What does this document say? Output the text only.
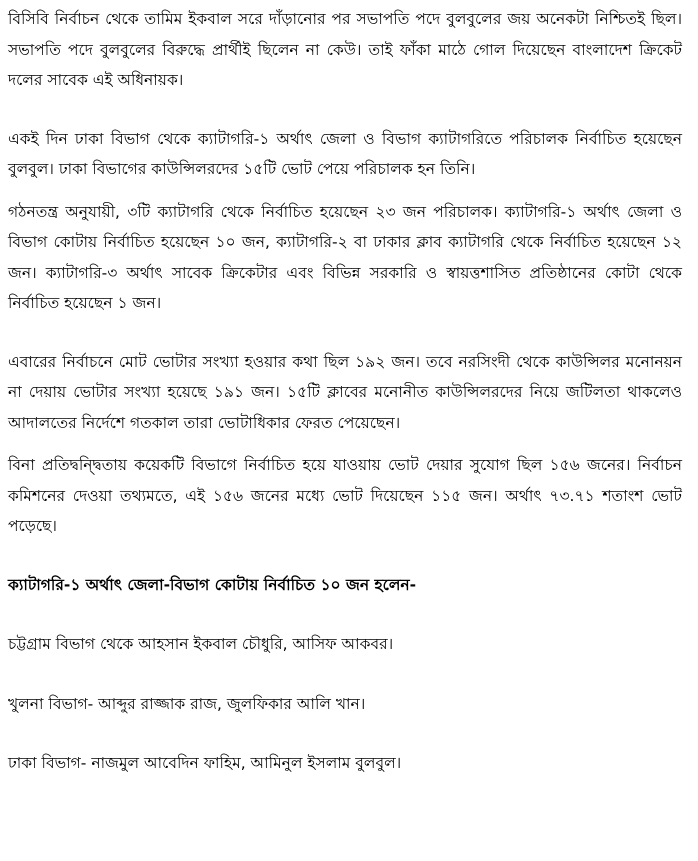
বিসিবি নির্বাচন থেকে তামিম ইকবাল সরে দাঁড়ানোর পর সভাপতি পদে বুলবুলের জয় অনেকটা নিশ্চিতই ছিল। সভাপতি পদে বুলবুলের বিরুদ্ধে প্রার্থীই ছিলেন না কেউ। তাই ফাঁকা মাঠে গোল দিয়েছেন বাংলাদেশ ক্রিকেট দলের সাবেক এই অধিনায়ক।

একই দিন ঢাকা বিভাগ থেকে ক্যাটাগরি-১ অর্থাৎ জেলা ও বিভাগ ক্যাটাগরিতে পরিচালক নির্বাচিত হয়েছেন বুলবুল। ঢাকা বিভাগের কাউন্সিলরদের ১৫টি ভোট পেয়ে পরিচালক হন তিনি।

গঠনতন্ত্র অনুযায়ী, ৩টি ক্যাটাগরি থেকে নির্বাচিত হয়েছেন ২৩ জন পরিচালক। ক্যাটাগরি-১ অর্থাৎ জেলা ও বিভাগ কোটায় নির্বাচিত হয়েছেন ১০ জন, ক্যাটাগরি-২ বা ঢাকার ক্লাব ক্যাটাগরি থেকে নির্বাচিত হয়েছেন ১২ জন। ক্যাটাগরি-৩ অর্থাৎ সাবেক ক্রিকেটার এবং বিভিন্ন সরকারি ও স্বায়ত্তশাসিত প্রতিষ্ঠানের কোটা থেকে নির্বাচিত হয়েছেন ১ জন।

এবারের নির্বাচনে মোট ভোটার সংখ্যা হওয়ার কথা ছিল ১৯২ জন। তবে নরসিংদী থেকে কাউন্সিলর মনোনয়ন না দেয়ায় ভোটার সংখ্যা হয়েছে ১৯১ জন। ১৫টি ক্লাবের মনোনীত কাউন্সিলরদের নিয়ে জটিলতা থাকলেও আদালতের নির্দেশে গতকাল তারা ভোটাধিকার ফেরত পেয়েছেন।

বিনা প্রতিদ্বন্দ্বিতায় কয়েকটি বিভাগে নির্বাচিত হয়ে যাওয়ায় ভোট দেয়ার সুযোগ ছিল ১৫৬ জনের। নির্বাচন কমিশনের দেওয়া তথ্যমতে, এই ১৫৬ জনের মধ্যে ভোট দিয়েছেন ১১৫ জন। অর্থাৎ ৭৩.৭১ শতাংশ ভোট পড়েছে।

ক্যাটাগরি-১ অর্থাৎ জেলা-বিভাগ কোটায় নির্বাচিত ১০ জন হলেন-

চট্টগ্রাম বিভাগ থেকে আহসান ইকবাল চৌধুরি, আসিফ আকবর।

খুলনা বিভাগ- আব্দুর রাজ্জাক রাজ, জুলফিকার আলি খান।

ঢাকা বিভাগ- নাজমুল আবেদিন ফাহিম, আমিনুল ইসলাম বুলবুল।
